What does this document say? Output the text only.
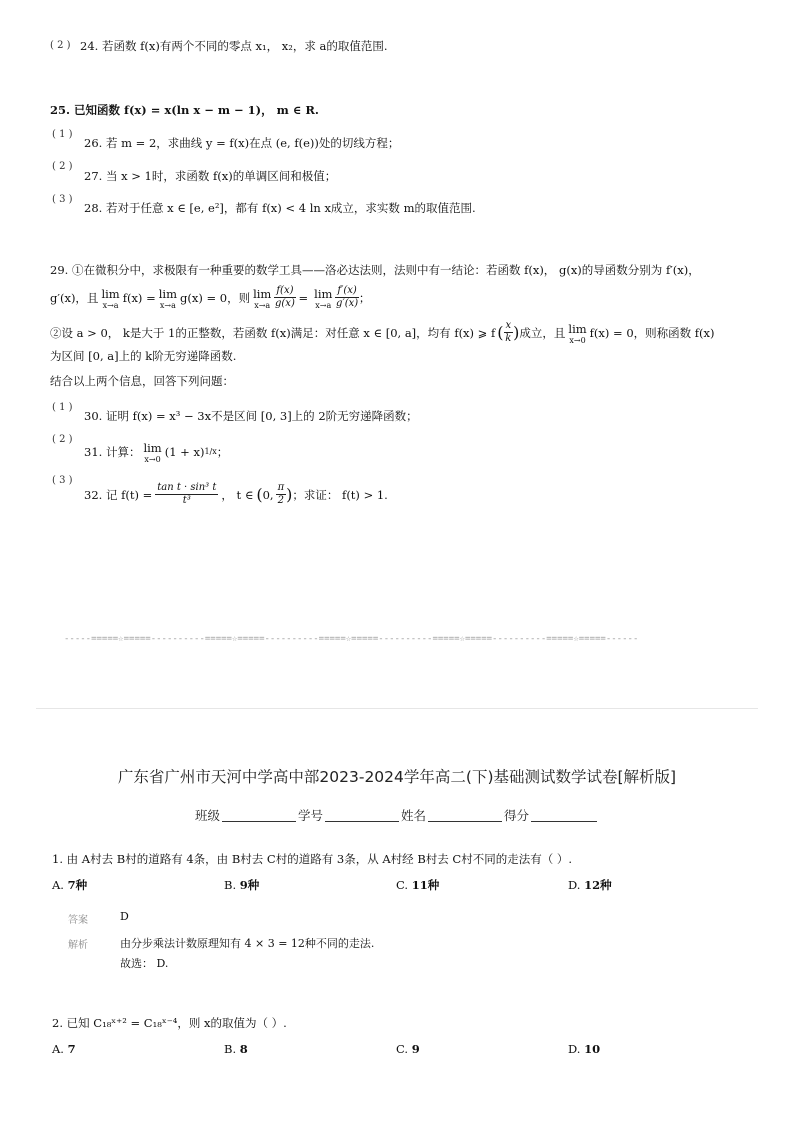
( 2 ) 24. 若函数 f(x)有两个不同的零点 x₁， x₂，求 a的取值范围.
25. 已知函数 f(x) = x(ln x − m − 1)， m ∈ R.
( 1 )
26. 若 m = 2，求曲线 y = f(x)在点 (e, f(e))处的切线方程；
( 2 )
27. 当 x > 1时，求函数 f(x)的单调区间和极值；
( 3 )
28. 若对于任意 x ∈ [e, e²]，都有 f(x) < 4 ln x成立，求实数 m的取值范围.
29. ①在微积分中，求极限有一种重要的数学工具——洛必达法则，法则中有一结论：若函数 f(x)， g(x)的导函数分别为 f′(x)，
g′(x)，且 lim
x→a
f(x) = lim
x→a
g(x) = 0，则 lim
$x\to a \frac{f(x)}{g(x)} = \lim$
$x\to a \frac{f'(x)}{g'(x)}$ ；
②设 a > 0， k是大于 1的正整数，若函数 f(x)满足：对任意 x ∈ [0, a]，均有 f(x) ⩾ f ( $\frac{x}{k}$ ) 成立，且 lim
x→0
f(x) = 0，则称函数 f(x)
为区间 [0, a]上的 k阶无穷递降函数.
结合以上两个信息，回答下列问题：
( 1 )
30. 证明 f(x) = x³ − 3x不是区间 [0, 3]上的 2阶无穷递降函数；
( 2 )
31. 计算： lim
x→0
(1 + x) 1/x ；
( 3 )
32. 记 $f(t) = \frac{\text{tan t · sin³ t}}{\text{t³}}$ ， t ∈ ( 0, $\frac{\pi}{2}$ ) ；求证： f(t) > 1.
-----=====☆=====----------=====☆=====----------=====☆=====----------=====☆=====----------=====☆=====------
广东省广州市天河中学高中部2023-2024学年高二(下)基础测试数学试卷[解析版]
班级	学号	姓名	得分
1. 由 A村去 B村的道路有 4条，由 B村去 C村的道路有 3条，从 A村经 B村去 C村不同的走法有（ ）.
A. 7种	B. 9种	C. 11种	D. 12种
答案	D
解析	由分步乘法计数原理知有 4 × 3 = 12种不同的走法.
故选： D.
2. 已知 C₁₈ˣ⁺² = C₁₈ˣ⁻⁴，则 x的取值为（ ）.
A. 7	B. 8	C. 9	D. 10
